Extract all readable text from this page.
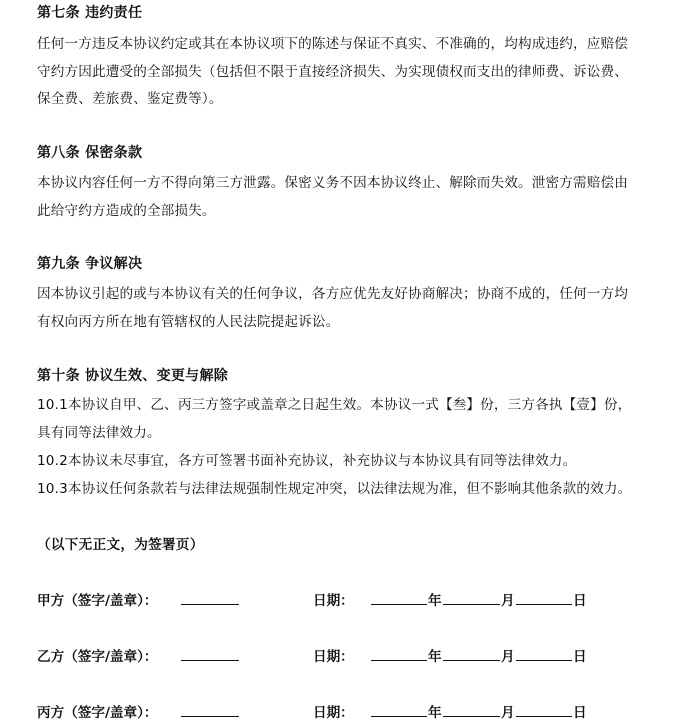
第七条 违约责任
任何一方违反本协议约定或其在本协议项下的陈述与保证不真实、不准确的，均构成违约，应赔偿
守约方因此遭受的全部损失（包括但不限于直接经济损失、为实现债权而支出的律师费、诉讼费、
保全费、差旅费、鉴定费等）。
第八条 保密条款
本协议内容任何一方不得向第三方泄露。保密义务不因本协议终止、解除而失效。泄密方需赔偿由
此给守约方造成的全部损失。
第九条 争议解决
因本协议引起的或与本协议有关的任何争议，各方应优先友好协商解决；协商不成的，任何一方均
有权向丙方所在地有管辖权的人民法院提起诉讼。
第十条 协议生效、变更与解除
10.1本协议自甲、乙、丙三方签字或盖章之日起生效。本协议一式【叁】份，三方各执【壹】份，
具有同等法律效力。
10.2本协议未尽事宜，各方可签署书面补充协议，补充协议与本协议具有同等法律效力。
10.3本协议任何条款若与法律法规强制性规定冲突，以法律法规为准，但不影响其他条款的效力。
（以下无正文，为签署页）
甲方（签字/盖章）：	日期：	年	月	日
乙方（签字/盖章）：	日期：	年	月	日
丙方（签字/盖章）：	日期：	年	月	日
